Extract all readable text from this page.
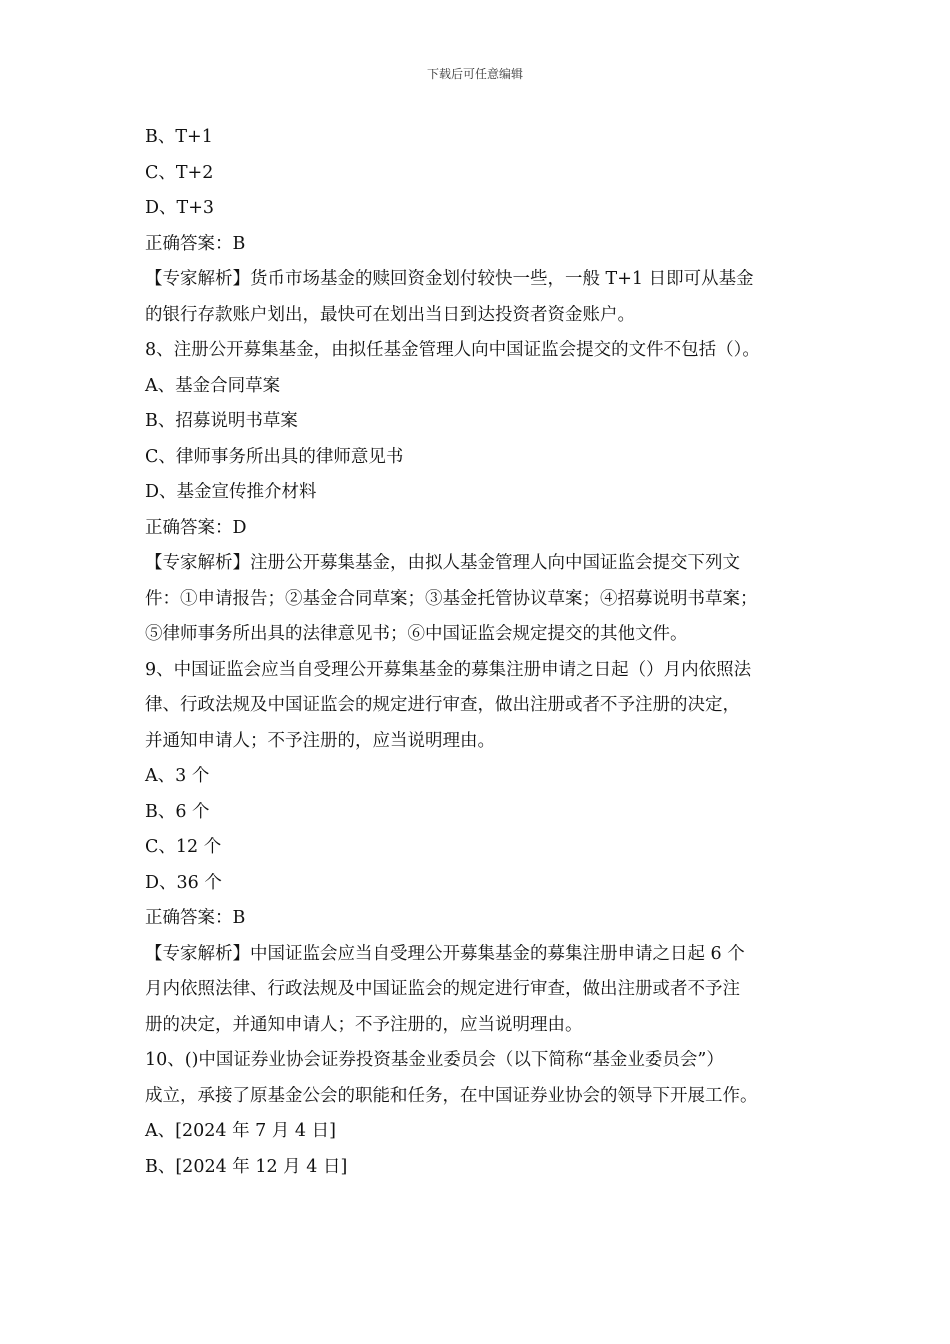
下载后可任意编辑
B、T+1
C、T+2
D、T+3
正确答案：B
【专家解析】货币市场基金的赎回资金划付较快一些，一般 T+1 日即可从基金
的银行存款账户划出，最快可在划出当日到达投资者资金账户。
8、注册公开募集基金，由拟任基金管理人向中国证监会提交的文件不包括（）。
A、基金合同草案
B、招募说明书草案
C、律师事务所出具的律师意见书
D、基金宣传推介材料
正确答案：D
【专家解析】注册公开募集基金，由拟人基金管理人向中国证监会提交下列文
件：①申请报告；②基金合同草案；③基金托管协议草案；④招募说明书草案；
⑤律师事务所出具的法律意见书；⑥中国证监会规定提交的其他文件。
9、中国证监会应当自受理公开募集基金的募集注册申请之日起（）月内依照法
律、行政法规及中国证监会的规定进行审查，做出注册或者不予注册的决定，
并通知申请人；不予注册的，应当说明理由。
A、3 个
B、6 个
C、12 个
D、36 个
正确答案：B
【专家解析】中国证监会应当自受理公开募集基金的募集注册申请之日起 6 个
月内依照法律、行政法规及中国证监会的规定进行审查，做出注册或者不予注
册的决定，并通知申请人；不予注册的，应当说明理由。
10、()中国证券业协会证券投资基金业委员会（以下简称“基金业委员会”）
成立，承接了原基金公会的职能和任务，在中国证券业协会的领导下开展工作。
A、[2024 年 7 月 4 日]
B、[2024 年 12 月 4 日]
